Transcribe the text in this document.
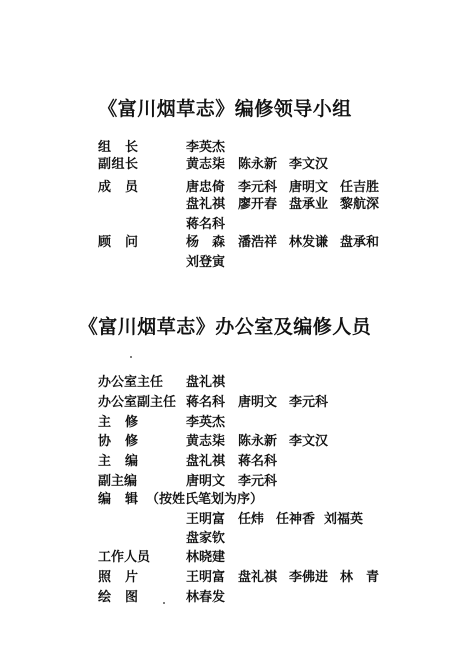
《富川烟草志》编修领导小组
组　长	李英杰
副组长	黄志柒 陈永新 李文汉
成　员	唐忠倚 李元科 唐明文 任吉胜
盘礼祺 廖开春 盘承业 黎航深
蒋名科
顾　问	杨　森 潘浩祥 林发谦 盘承和
刘登寅
《富川烟草志》办公室及编修人员
办公室主任 盘礼祺
办公室副主任 蒋名科 唐明文 李元科
主　修	李英杰
协　修	黄志柒 陈永新 李文汉
主　编	盘礼祺 蒋名科
副主编	唐明文 李元科
编　辑 （按姓氏笔划为序）
王明富 任炜 任神香 刘福英
盘家钦
工作人员	林晓建
照　片	王明富 盘礼祺 李佛进 林　青
绘　图	林春发
